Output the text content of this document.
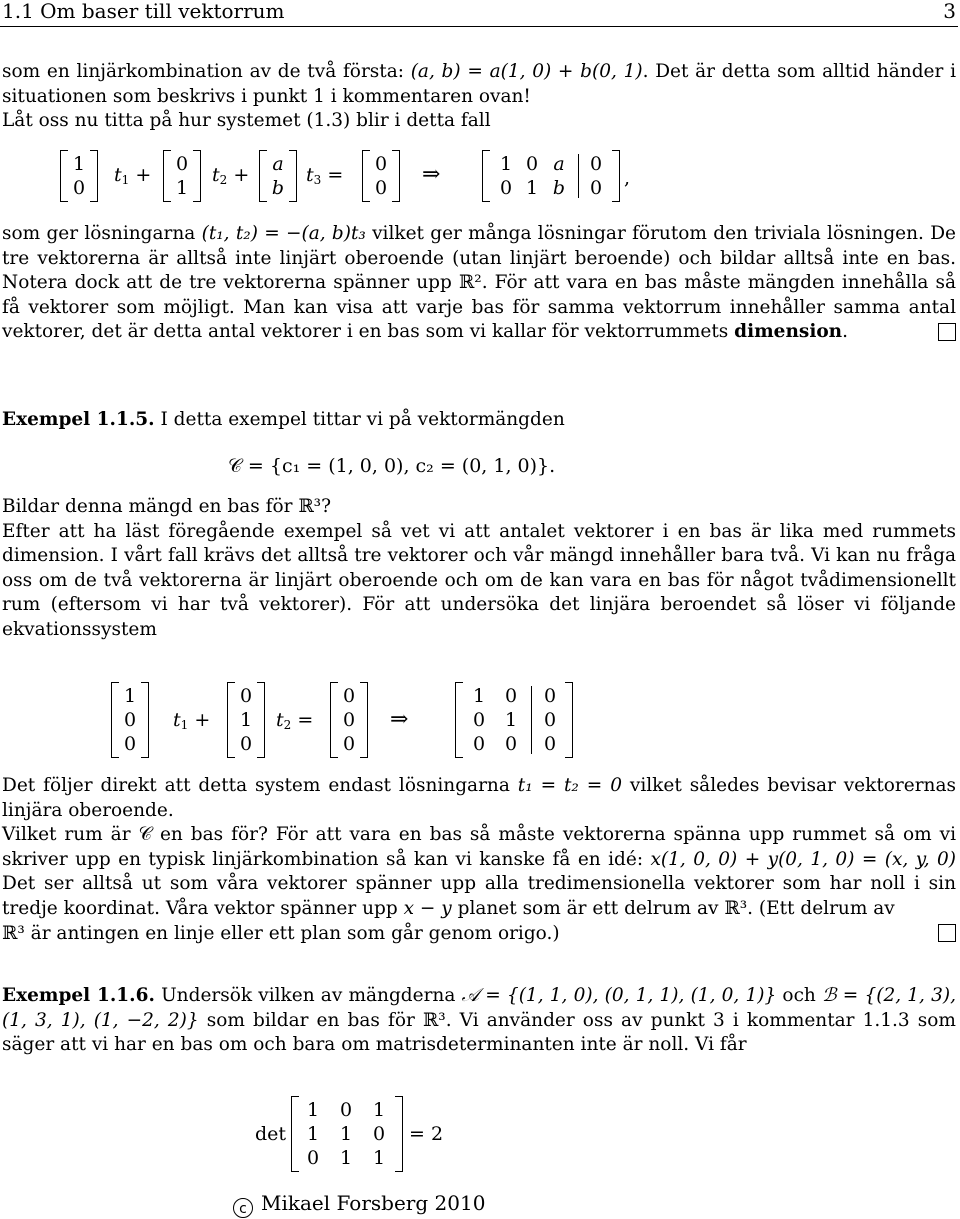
1.1 Om baser till vektorrum	3
som en linjärkombination av de två första: (a, b) = a(1, 0) + b(0, 1). Det är detta som alltid händer i situationen som beskrivs i punkt 1 i kommentaren ovan!
Låt oss nu titta på hur systemet (1.3) blir i detta fall
1
0
$t_1 + 0$
1
$t_2 + a$
b
$t_3 = 0$
0
⇒	1 0 a 0
0 1 b 0 ,
som ger lösningarna (t₁, t₂) = −(a, b)t₃ vilket ger många lösningar förutom den triviala lösningen. De tre vektorerna är alltså inte linjärt oberoende (utan linjärt beroende) och bildar alltså inte en bas. Notera dock att de tre vektorerna spänner upp ℝ². För att vara en bas måste mängden innehålla så få vektorer som möjligt. Man kan visa att varje bas för samma vektorrum innehåller samma antal vektorer, det är detta antal vektorer i en bas som vi kallar för vektorrummets dimension.
Exempel 1.1.5. I detta exempel tittar vi på vektormängden
𝒞 = {c₁ = (1, 0, 0), c₂ = (0, 1, 0)}.
Bildar denna mängd en bas för ℝ³?
Efter att ha läst föregående exempel så vet vi att antalet vektorer i en bas är lika med rummets dimension. I vårt fall krävs det alltså tre vektorer och vår mängd innehåller bara två. Vi kan nu fråga oss om de två vektorerna är linjärt oberoende och om de kan vara en bas för något tvådimensionellt rum (eftersom vi har två vektorer). För att undersöka det linjära beroendet så löser vi följande ekvationssystem
1
0
0
$t_1$ +
0
1
0
$t_2$ =
0
0
0
⇒
1 0 0
0 1 0
0 0 0
Det följer direkt att detta system endast lösningarna t₁ = t₂ = 0 vilket således bevisar vektorernas linjära oberoende.
Vilket rum är 𝒞 en bas för? För att vara en bas så måste vektorerna spänna upp rummet så om vi skriver upp en typisk linjärkombination så kan vi kanske få en idé: x(1, 0, 0) + y(0, 1, 0) = (x, y, 0) Det ser alltså ut som våra vektorer spänner upp alla tredimensionella vektorer som har noll i sin tredje koordinat. Våra vektor spänner upp x − y planet som är ett delrum av ℝ³. (Ett delrum av
ℝ³ är antingen en linje eller ett plan som går genom origo.)
Exempel 1.1.6. Undersök vilken av mängderna 𝒜 = {(1, 1, 0), (0, 1, 1), (1, 0, 1)} och ℬ = {(2, 1, 3), (1, 3, 1), (1, −2, 2)} som bildar en bas för ℝ³. Vi använder oss av punkt 3 i kommentar 1.1.3 som säger att vi har en bas om och bara om matrisdeterminanten inte är noll. Vi får
det
1 0 1
1 1 0
0 1 1
= 2
c Mikael Forsberg 2010
